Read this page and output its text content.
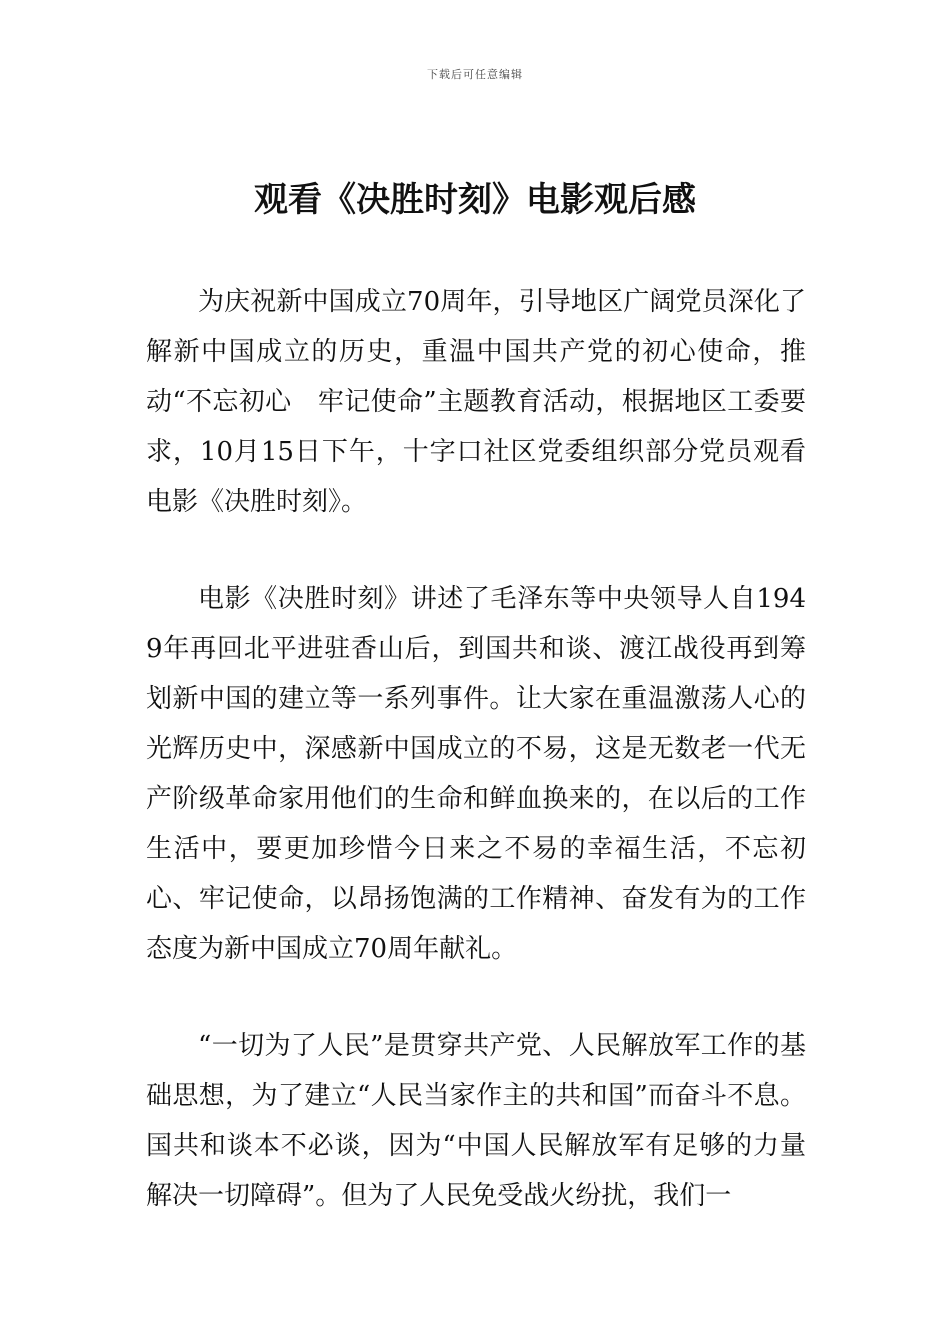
下载后可任意编辑
观看《决胜时刻》电影观后感

为庆祝新中国成立70周年，引导地区广阔党员深化了解新中国成立的历史，重温中国共产党的初心使命，推动“不忘初心　牢记使命”主题教育活动，根据地区工委要求，10月15日下午，十字口社区党委组织部分党员观看电影《决胜时刻》。

电影《决胜时刻》讲述了毛泽东等中央领导人自1949年再回北平进驻香山后，到国共和谈、渡江战役再到筹划新中国的建立等一系列事件。让大家在重温激荡人心的光辉历史中，深感新中国成立的不易，这是无数老一代无产阶级革命家用他们的生命和鲜血换来的，在以后的工作生活中，要更加珍惜今日来之不易的幸福生活，不忘初心、牢记使命，以昂扬饱满的工作精神、奋发有为的工作态度为新中国成立70周年献礼。

“一切为了人民”是贯穿共产党、人民解放军工作的基础思想，为了建立“人民当家作主的共和国”而奋斗不息。国共和谈本不必谈，因为“中国人民解放军有足够的力量解决一切障碍”。但为了人民免受战火纷扰，我们一
